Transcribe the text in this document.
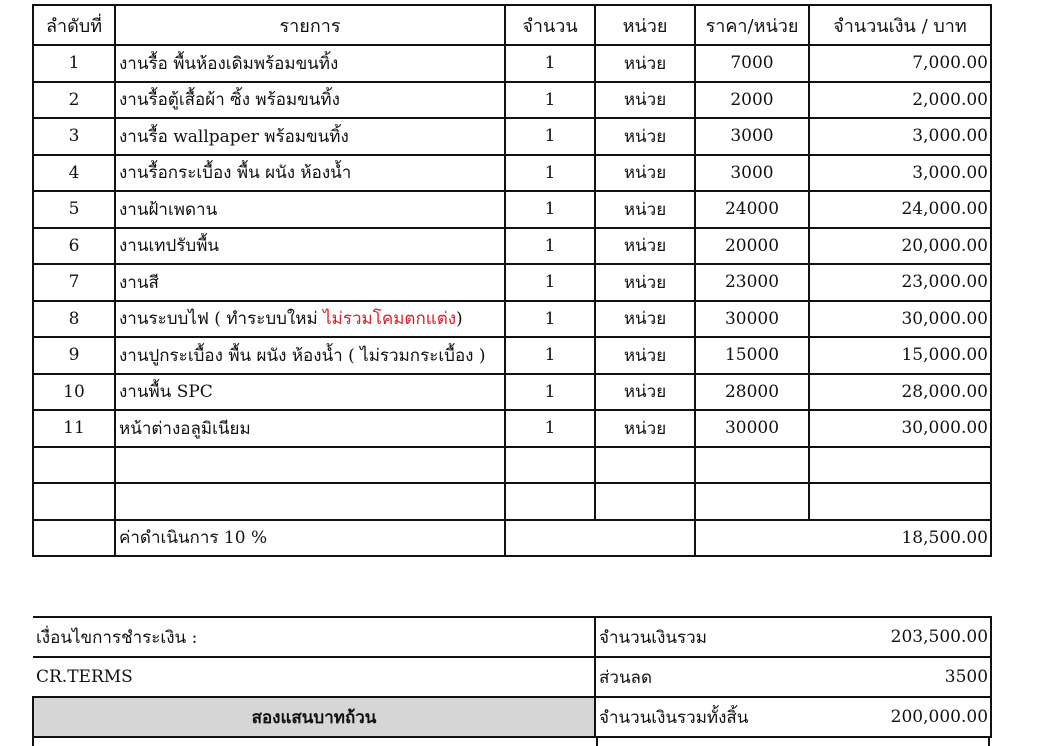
ลำดับที่	รายการ	จำนวน	หน่วย	ราคา/หน่วย	จำนวนเงิน / บาท
1	งานรื้อ พื้นห้องเดิมพร้อมขนทิ้ง	1	หน่วย	7000	7,000.00
2	งานรื้อตู้เสื้อผ้า ซิ้ง พร้อมขนทิ้ง	1	หน่วย	2000	2,000.00
3	งานรื้อ wallpaper พร้อมขนทิ้ง	1	หน่วย	3000	3,000.00
4	งานรื้อกระเบื้อง พื้น ผนัง ห้องน้ำ	1	หน่วย	3000	3,000.00
5	งานฝ้าเพดาน	1	หน่วย	24000	24,000.00
6	งานเทปรับพื้น	1	หน่วย	20000	20,000.00
7	งานสี	1	หน่วย	23000	23,000.00
8	งานระบบไฟ ( ทำระบบใหม่ ไม่รวมโคมตกแต่ง)	1	หน่วย	30000	30,000.00
9	งานปูกระเบื้อง พื้น ผนัง ห้องน้ำ ( ไม่รวมกระเบื้อง )	1	หน่วย	15000	15,000.00
10	งานพื้น SPC	1	หน่วย	28000	28,000.00
11	หน้าต่างอลูมิเนียม	1	หน่วย	30000	30,000.00

	ค่าดำเนินการ 10 %				18,500.00
เงื่อนไขการชำระเงิน :	จำนวนเงินรวม	203,500.00
CR.TERMS	ส่วนลด	3500
สองแสนบาทถ้วน	จำนวนเงินรวมทั้งสิ้น	200,000.00
